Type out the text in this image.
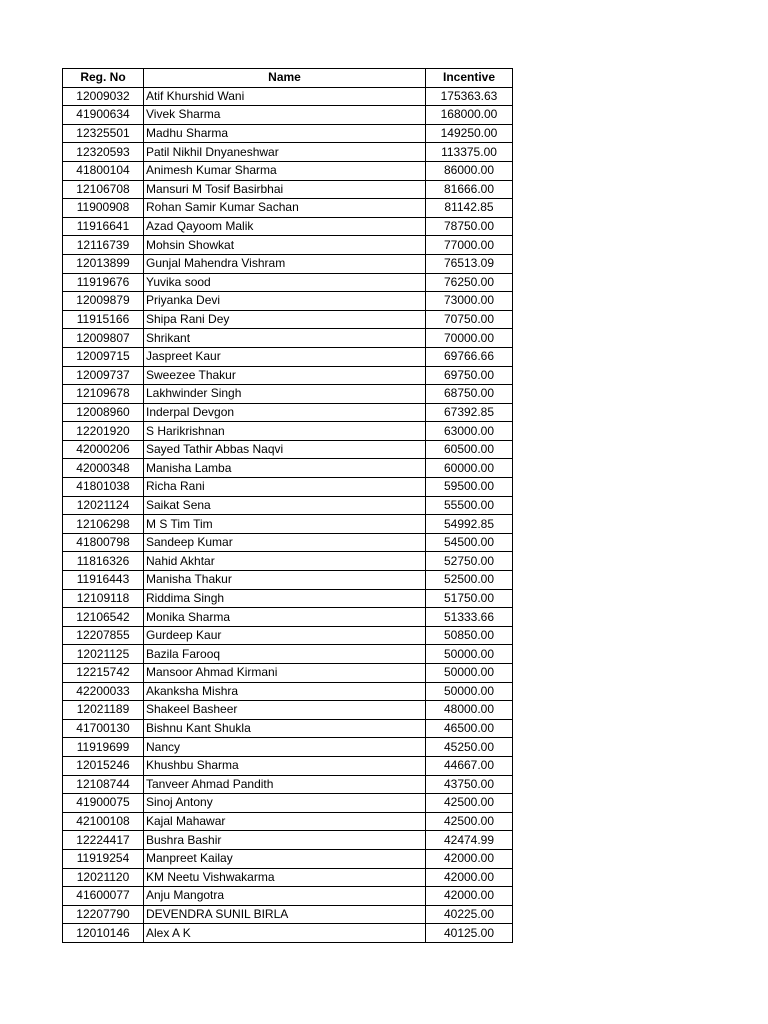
Reg. No	Name	Incentive
12009032	Atif Khurshid Wani	175363.63
41900634	Vivek Sharma	168000.00
12325501	Madhu Sharma	149250.00
12320593	Patil Nikhil Dnyaneshwar	113375.00
41800104	Animesh Kumar Sharma	86000.00
12106708	Mansuri M Tosif Basirbhai	81666.00
11900908	Rohan Samir Kumar Sachan	81142.85
11916641	Azad Qayoom Malik	78750.00
12116739	Mohsin Showkat	77000.00
12013899	Gunjal Mahendra Vishram	76513.09
11919676	Yuvika sood	76250.00
12009879	Priyanka Devi	73000.00
11915166	Shipa Rani Dey	70750.00
12009807	Shrikant	70000.00
12009715	Jaspreet Kaur	69766.66
12009737	Sweezee Thakur	69750.00
12109678	Lakhwinder Singh	68750.00
12008960	Inderpal Devgon	67392.85
12201920	S Harikrishnan	63000.00
42000206	Sayed Tathir Abbas Naqvi	60500.00
42000348	Manisha Lamba	60000.00
41801038	Richa Rani	59500.00
12021124	Saikat Sena	55500.00
12106298	M S Tim Tim	54992.85
41800798	Sandeep Kumar	54500.00
11816326	Nahid Akhtar	52750.00
11916443	Manisha Thakur	52500.00
12109118	Riddima Singh	51750.00
12106542	Monika Sharma	51333.66
12207855	Gurdeep Kaur	50850.00
12021125	Bazila Farooq	50000.00
12215742	Mansoor Ahmad Kirmani	50000.00
42200033	Akanksha Mishra	50000.00
12021189	Shakeel Basheer	48000.00
41700130	Bishnu Kant Shukla	46500.00
11919699	Nancy	45250.00
12015246	Khushbu Sharma	44667.00
12108744	Tanveer Ahmad Pandith	43750.00
41900075	Sinoj Antony	42500.00
42100108	Kajal Mahawar	42500.00
12224417	Bushra Bashir	42474.99
11919254	Manpreet Kailay	42000.00
12021120	KM Neetu Vishwakarma	42000.00
41600077	Anju Mangotra	42000.00
12207790	DEVENDRA SUNIL BIRLA	40225.00
12010146	Alex A K	40125.00
